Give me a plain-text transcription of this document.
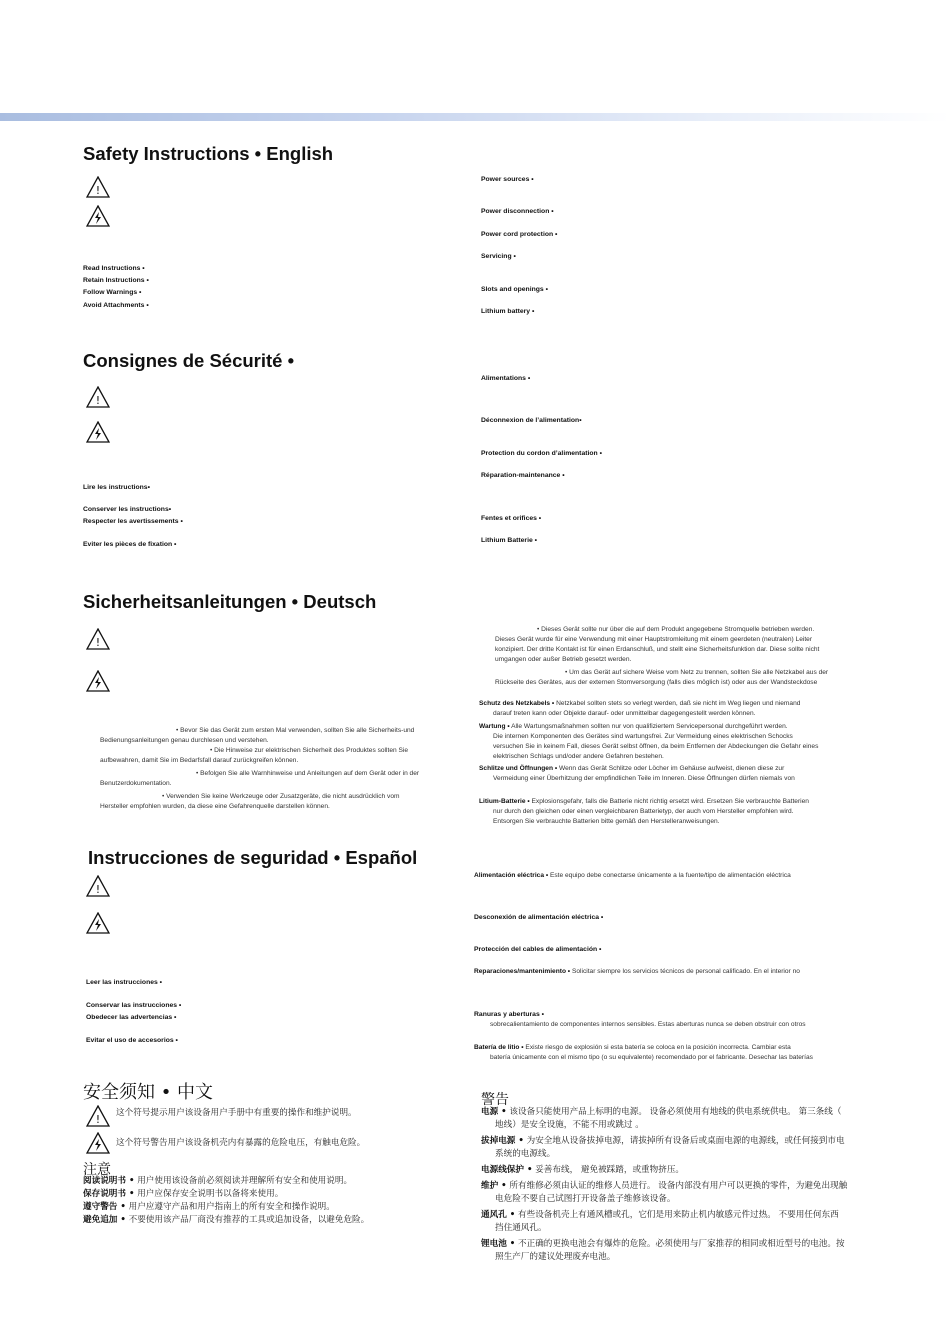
Safety Instructions • English
!
Read Instructions •
Retain Instructions •
Follow Warnings •
Avoid Attachments •
Power sources •
Power disconnection •
Power cord protection •
Servicing •
Slots and openings •
Lithium battery •
Consignes de Sécurité •
!
Lire les instructions•
Conserver les instructions•
Respecter les avertissements •
Eviter les pièces de fixation •
Alimentations •
Déconnexion de l’alimentation•
Protection du cordon d’alimentation •
Réparation-maintenance •
Fentes et orifices •
Lithium Batterie •
Sicherheitsanleitungen • Deutsch
!
• Bevor Sie das Gerät zum ersten Mal verwenden, sollten Sie alle Sicherheits-und
Bedienungsanleitungen genau durchlesen und verstehen.
• Die Hinweise zur elektrischen Sicherheit des Produktes sollten Sie
aufbewahren, damit Sie im Bedarfsfall darauf zurückgreifen können.
• Befolgen Sie alle Warnhinweise und Anleitungen auf dem Gerät oder in der
Benutzerdokumentation.
• Verwenden Sie keine Werkzeuge oder Zusatzgeräte, die nicht ausdrücklich vom
Hersteller empfohlen wurden, da diese eine Gefahrenquelle darstellen können.
• Dieses Gerät sollte nur über die auf dem Produkt angegebene Stromquelle betrieben werden.
Dieses Gerät wurde für eine Verwendung mit einer Hauptstromleitung mit einem geerdeten (neutralen) Leiter
konzipiert. Der dritte Kontakt ist für einen Erdanschluß, und stellt eine Sicherheitsfunktion dar. Diese sollte nicht
umgangen oder außer Betrieb gesetzt werden.
• Um das Gerät auf sichere Weise vom Netz zu trennen, sollten Sie alle Netzkabel aus der
Rückseite des Gerätes, aus der externen Stomversorgung (falls dies möglich ist) oder aus der Wandsteckdose
Schutz des Netzkabels • Netzkabel sollten stets so verlegt werden, daß sie nicht im Weg liegen und niemand
darauf treten kann oder Objekte darauf- oder unmittelbar dagegengestellt werden können.
Wartung • Alle Wartungsmaßnahmen sollten nur von qualifiziertem Servicepersonal durchgeführt werden.
Die internen Komponenten des Gerätes sind wartungsfrei. Zur Vermeidung eines elektrischen Schocks
versuchen Sie in keinem Fall, dieses Gerät selbst öffnen, da beim Entfernen der Abdeckungen die Gefahr eines
elektrischen Schlags und/oder andere Gefahren bestehen.
Schlitze und Öffnungen • Wenn das Gerät Schlitze oder Löcher im Gehäuse aufweist, dienen diese zur
Vermeidung einer Überhitzung der empfindlichen Teile im Inneren. Diese Öffnungen dürfen niemals von
Litium-Batterie • Explosionsgefahr, falls die Batterie nicht richtig ersetzt wird. Ersetzen Sie verbrauchte Batterien
nur durch den gleichen oder einen vergleichbaren Batterietyp, der auch vom Hersteller empfohlen wird.
Entsorgen Sie verbrauchte Batterien bitte gemäß den Herstelleranweisungen.
Instrucciones de seguridad • Español
!
Leer las instrucciones •
Conservar las instrucciones •
Obedecer las advertencias •
Evitar el uso de accesorios •
Alimentación eléctrica • Este equipo debe conectarse únicamente a la fuente/tipo de alimentación eléctrica
Desconexión de alimentación eléctrica •
Protección del cables de alimentación •
Reparaciones/mantenimiento • Solicitar siempre los servicios técnicos de personal calificado. En el interior no
Ranuras y aberturas •
sobrecalientamiento de componentes internos sensibles. Estas aberturas nunca se deben obstruir con otros
Batería de litio • Existe riesgo de explosión si esta batería se coloca en la posición incorrecta. Cambiar esta
batería únicamente con el mismo tipo (o su equivalente) recomendado por el fabricante. Desechar las baterías
安全须知 • 中文
! 这个符号提示用户该设备用户手册中有重要的操作和维护说明。
这个符号警告用户该设备机壳内有暴露的危险电压，有触电危险。
注意
阅读说明书 • 用户使用该设备前必须阅读并理解所有安全和使用说明。
保存说明书 • 用户应保存安全说明书以备将来使用。
遵守警告 • 用户应遵守产品和用户指南上的所有安全和操作说明。
避免追加 • 不要使用该产品厂商没有推荐的工具或追加设备，以避免危险。
警告
电源 • 该设备只能使用产品上标明的电源。 设备必须使用有地线的供电系统供电。 第三条线（
地线）是安全设施，不能不用或跳过 。
拔掉电源 • 为安全地从设备拔掉电源，请拔掉所有设备后或桌面电源的电源线，或任何接到市电
系统的电源线。
电源线保护 • 妥善布线， 避免被踩踏，或重物挤压。
维护 • 所有维修必须由认证的维修人员进行。 设备内部没有用户可以更换的零件，为避免出现触
电危险不要自己试图打开设备盖子维修该设备。
通风孔 • 有些设备机壳上有通风槽或孔，它们是用来防止机内敏感元件过热。 不要用任何东西
挡住通风孔。
锂电池 • 不正确的更换电池会有爆炸的危险。必须使用与厂家推荐的相同或相近型号的电池。按
照生产厂的建议处理废弃电池。
